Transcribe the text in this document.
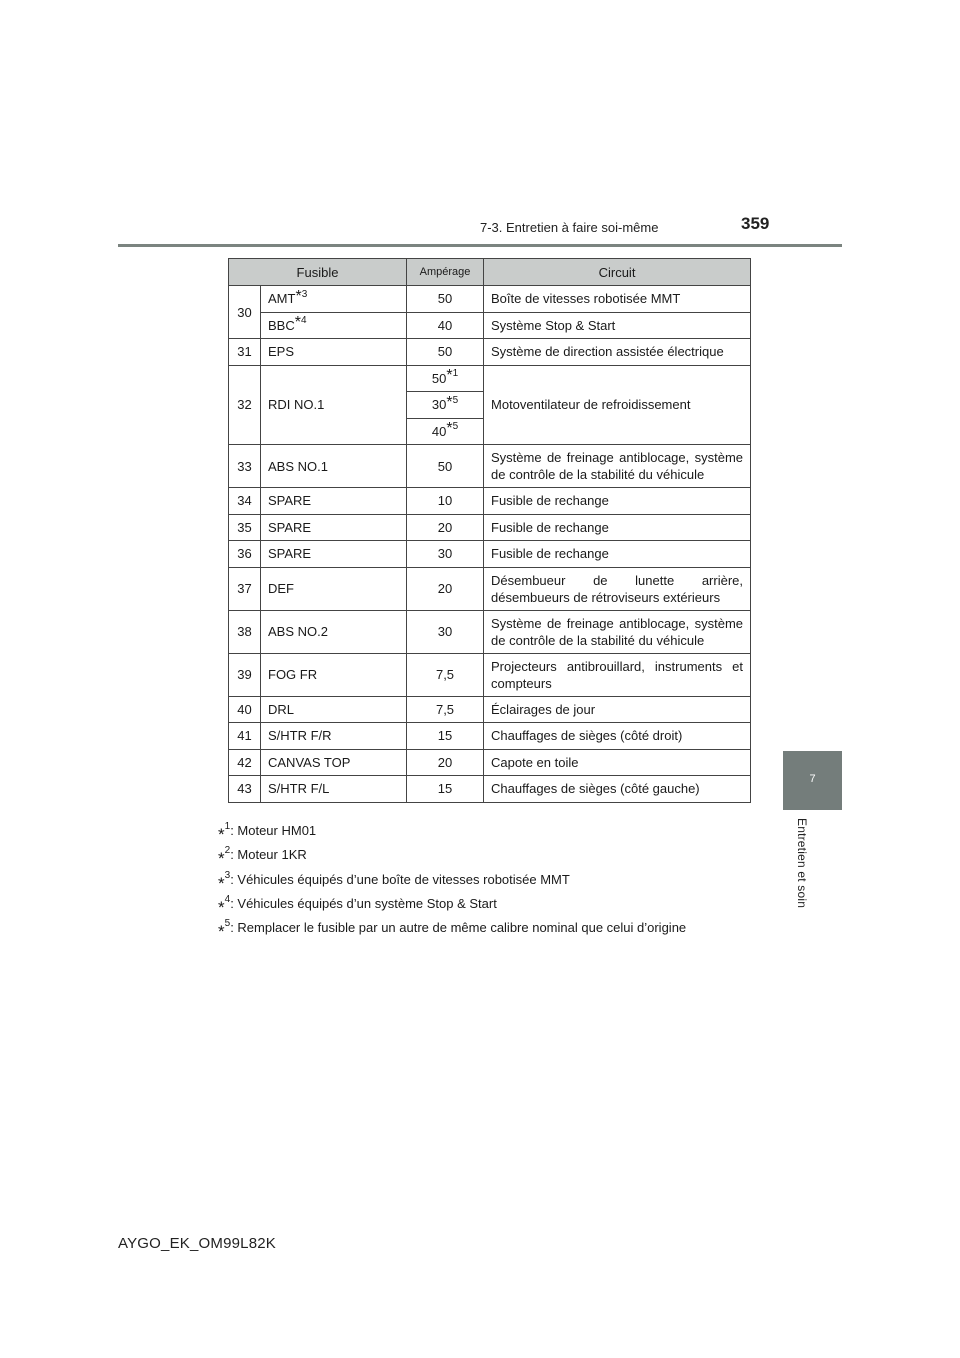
7-3. Entretien à faire soi-même	359
7
Entretien et soin
Fusible		Ampérage	Circuit
30	AMT$^{*^3}$	50	Boîte de vitesses robotisée MMT
	BBC$^{*^4}$	40	Système Stop & Start
31	EPS	50	Système de direction assistée électrique
32	RDI NO.1	50$^{*^1}$	Motoventilateur de refroidissement
		30$^{*^5}$
		40$^{*^5}$
33	ABS NO.1	50	Système de freinage antiblocage, système de contrôle de la stabilité du véhicule
34	SPARE	10	Fusible de rechange
35	SPARE	20	Fusible de rechange
36	SPARE	30	Fusible de rechange
37	DEF	20	Désembueur de lunette arrière, désembueurs de rétroviseurs extérieurs
38	ABS NO.2	30	Système de freinage antiblocage, système de contrôle de la stabilité du véhicule
39	FOG FR	7,5	Projecteurs antibrouillard, instruments et compteurs
40	DRL	7,5	Éclairages de jour
41	S/HTR F/R	15	Chauffages de sièges (côté droit)
42	CANVAS TOP	20	Capote en toile
43	S/HTR F/L	15	Chauffages de sièges (côté gauche)
* 1 : Moteur HM01
* 2 : Moteur 1KR
* 3 : Véhicules équipés d’une boîte de vitesses robotisée MMT
* 4 : Véhicules équipés d’un système Stop & Start
* 5 : Remplacer le fusible par un autre de même calibre nominal que celui d’origine
AYGO_EK_OM99L82K
